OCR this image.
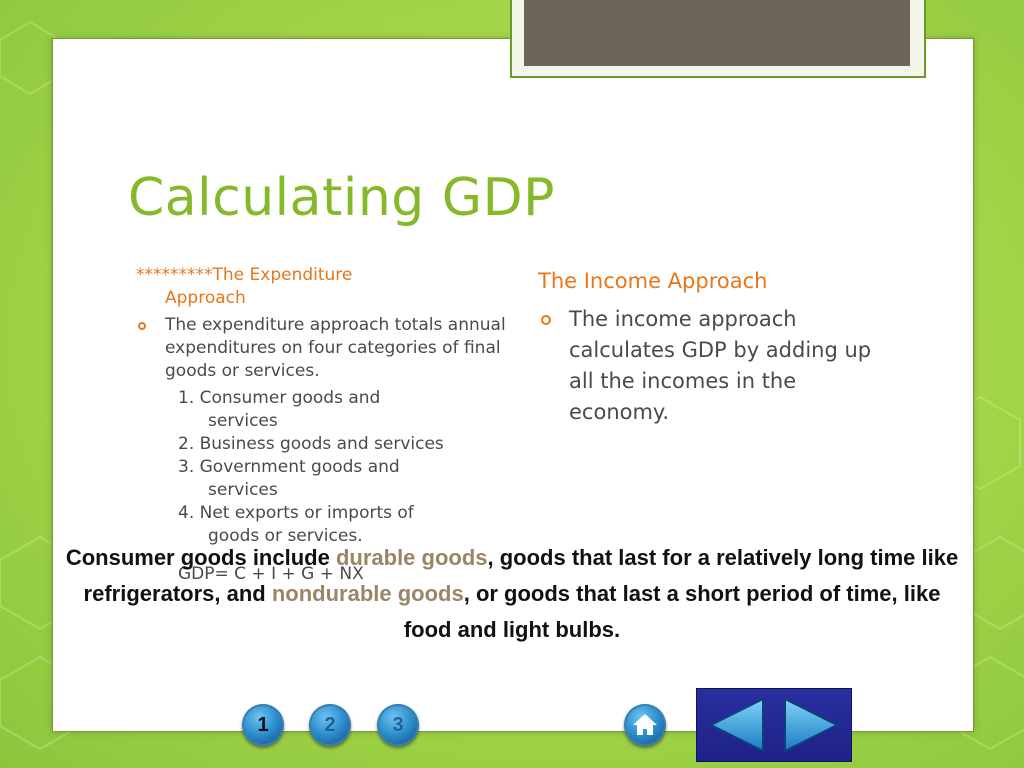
Calculating GDP

*********The Expenditure
Approach

The expenditure approach totals annual expenditures on four categories of final goods or services.
1. Consumer goods and
services
2. Business goods and services
3. Government goods and
services
4. Net exports or imports of
goods or services.
GDP= C + I + G + NX

The Income Approach

The income approach calculates GDP by adding up all the incomes in the economy.
Consumer goods include durable goods, goods that last for a relatively long time like refrigerators, and nondurable goods, or goods that last a short period of time, like food and light bulbs.
1	2	3
